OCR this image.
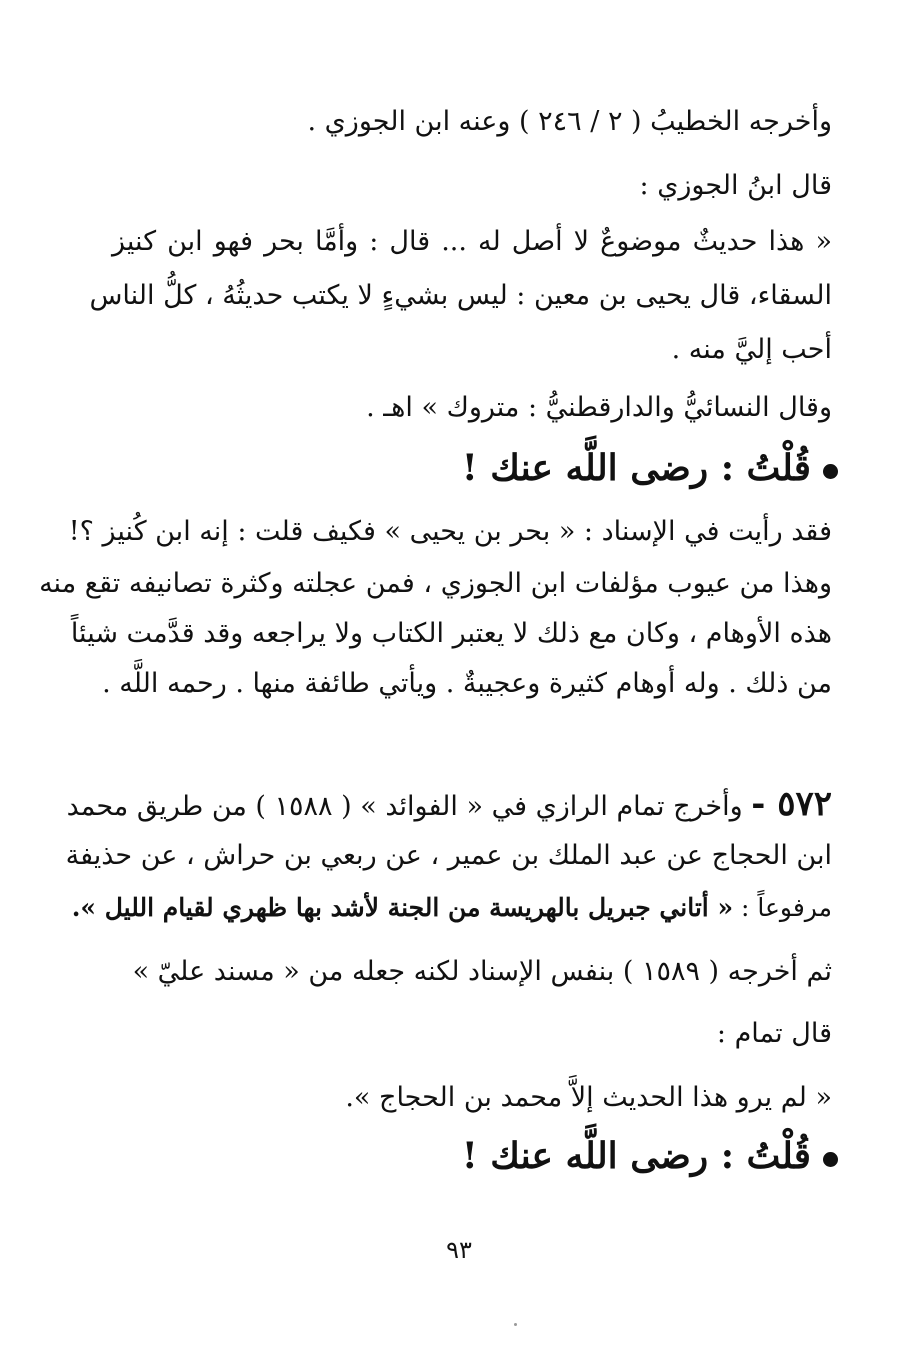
وأخرجه الخطيبُ ( ٢ / ٢٤٦ ) وعنه ابن الجوزي .
قال ابنُ الجوزي :
« هذا حديثٌ موضوعٌ لا أصل له ... قال : وأمَّا بحر فهو ابن كنيز
السقاء، قال يحيى بن معين : ليس بشيءٍ لا يكتب حديثُهُ ، كلُّ الناس
أحب إليَّ منه .
وقال النسائيُّ والدارقطنيُّ : متروك » اهـ .
قُلْتُ : رضى اللَّه عنك !
فقد رأيت في الإسناد : « بحر بن يحيى » فكيف قلت : إنه ابن كُنيز ؟!
وهذا من عيوب مؤلفات ابن الجوزي ، فمن عجلته وكثرة تصانيفه تقع منه
هذه الأوهام ، وكان مع ذلك لا يعتبر الكتاب ولا يراجعه وقد قدَّمت شيئاً
من ذلك . وله أوهام كثيرة وعجيبةٌ . ويأتي طائفة منها . رحمه اللَّه .
٥٧٢ - وأخرج تمام الرازي في « الفوائد » ( ١٥٨٨ ) من طريق محمد
ابن الحجاج عن عبد الملك بن عمير ، عن ربعي بن حراش ، عن حذيفة
مرفوعاً : « أتاني جبريل بالهريسة من الجنة لأشد بها ظهري لقيام الليل ».
ثم أخرجه ( ١٥٨٩ ) بنفس الإسناد لكنه جعله من « مسند عليّ »
قال تمام :
« لم يرو هذا الحديث إلاَّ محمد بن الحجاج ».
قُلْتُ : رضى اللَّه عنك !
٩٣
